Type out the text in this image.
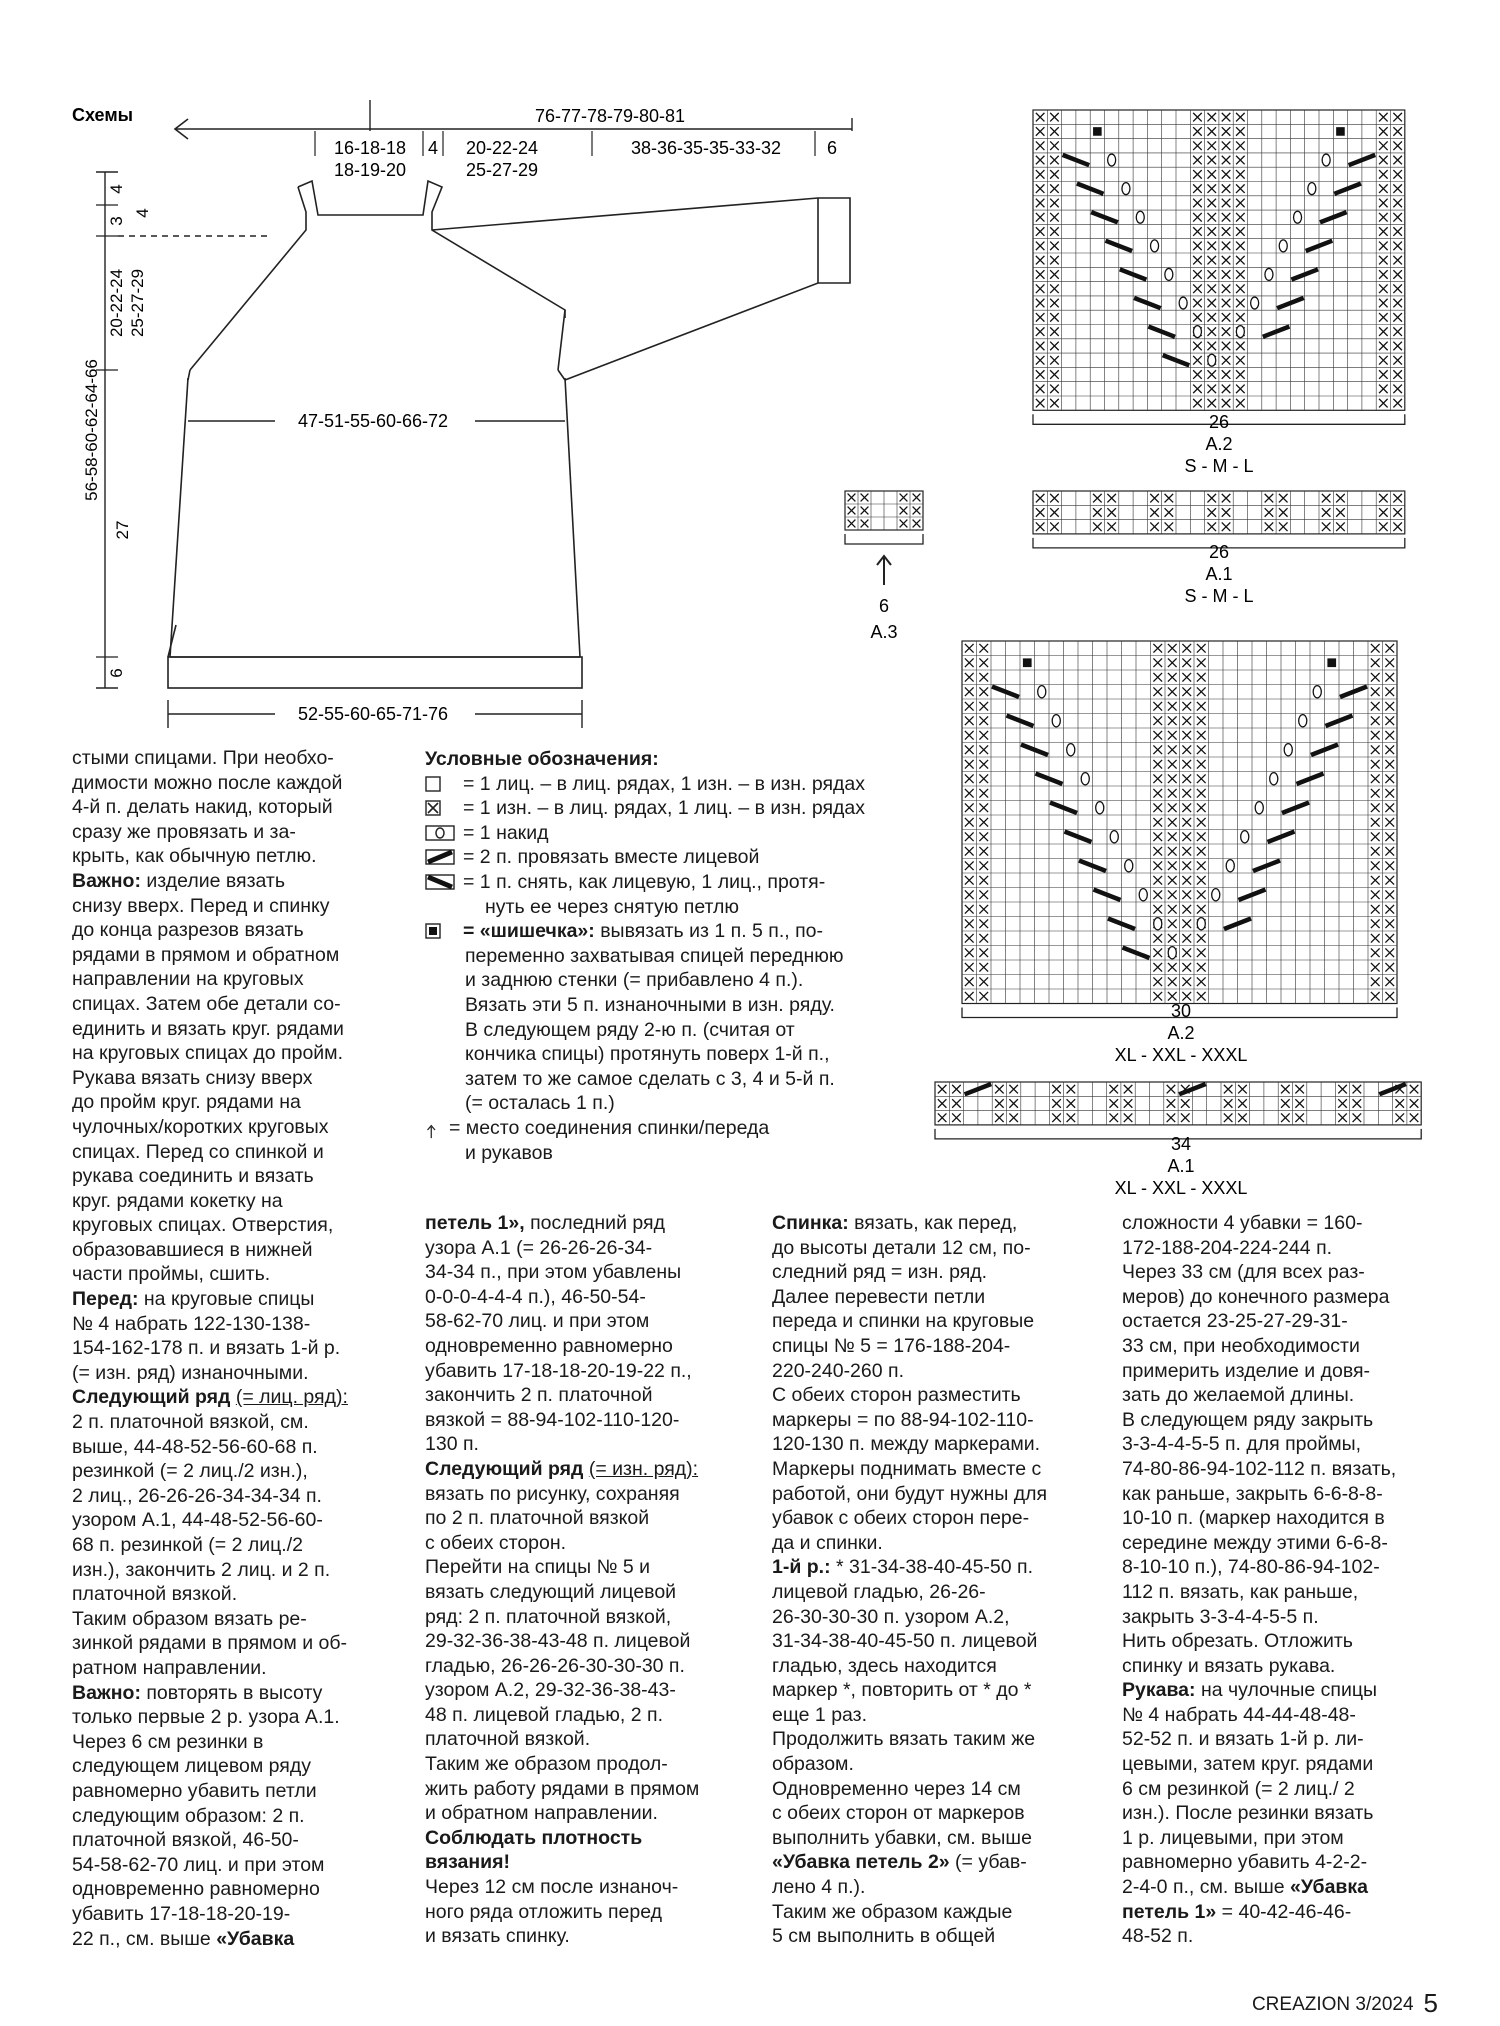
Схемы	76-77-78-79-80-81
16-18-18
18-19-20
4 20-22-24
25-27-29
38-36-35-35-33-32	6
4
3
4
20-22-24 25-27-29
56-58-60-62-64-66
27
6
47-51-55-60-66-72
52-55-60-65-71-76
26
A.2
S - M - L
26
A.1
S - M - L
6
A.3
30
A.2
XL - XXL - XXXL
34
A.1
XL - XXL - XXXL
Условные обозначения:
= 1 лиц. – в лиц. рядах, 1 изн. – в изн. рядах
= 1 изн. – в лиц. рядах, 1 лиц. – в изн. рядах
= 1 накид
= 2 п. провязать вместе лицевой
= 1 п. снять, как лицевую, 1 лиц., протя-
нуть ее через снятую петлю
= «шишечка»: вывязать из 1 п. 5 п., по-
переменно захватывая спицей переднюю
и заднюю стенки (= прибавлено 4 п.).
Вязать эти 5 п. изнаночными в изн. ряду.
В следующем ряду 2-ю п. (считая от
кончика спицы) протянуть поверх 1-й п.,
затем то же самое сделать с 3, 4 и 5-й п.
(= осталась 1 п.)
= место соединения спинки/переда
и рукавов

стыми спицами. При необхо-

димости можно после каждой

4-й п. делать накид, который

сразу же провязать и за-

крыть, как обычную петлю.

Важно: изделие вязать

снизу вверх. Перед и спинку

до конца разрезов вязать

рядами в прямом и обратном

направлении на круговых

спицах. Затем обе детали со-

единить и вязать круг. рядами

на круговых спицах до пройм.

Рукава вязать снизу вверх

до пройм круг. рядами на

чулочных/коротких круговых

спицах. Перед со спинкой и

рукава соединить и вязать

круг. рядами кокетку на

круговых спицах. Отверстия,

образовавшиеся в нижней

части проймы, сшить.

Перед: на круговые спицы

№ 4 набрать 122-130-138-

154-162-178 п. и вязать 1-й р.

(= изн. ряд) изнаночными.

Следующий ряд (= лиц. ряд):

2 п. платочной вязкой, см.

выше, 44-48-52-56-60-68 п.

резинкой (= 2 лиц./2 изн.),

2 лиц., 26-26-26-34-34-34 п.

узором А.1, 44-48-52-56-60-

68 п. резинкой (= 2 лиц./2

изн.), закончить 2 лиц. и 2 п.

платочной вязкой.

Таким образом вязать ре-

зинкой рядами в прямом и об-

ратном направлении.

Важно: повторять в высоту

только первые 2 р. узора А.1.

Через 6 см резинки в

следующем лицевом ряду

равномерно убавить петли

следующим образом: 2 п.

платочной вязкой, 46-50-

54-58-62-70 лиц. и при этом

одновременно равномерно

убавить 17-18-18-20-19-

22 п., см. выше «Убавка

петель 1», последний ряд

узора А.1 (= 26-26-26-34-

34-34 п., при этом убавлены

0-0-0-4-4-4 п.), 46-50-54-

58-62-70 лиц. и при этом

одновременно равномерно

убавить 17-18-18-20-19-22 п.,

закончить 2 п. платочной

вязкой = 88-94-102-110-120-

130 п.

Следующий ряд (= изн. ряд):

вязать по рисунку, сохраняя

по 2 п. платочной вязкой

с обеих сторон.

Перейти на спицы № 5 и

вязать следующий лицевой

ряд: 2 п. платочной вязкой,

29-32-36-38-43-48 п. лицевой

гладью, 26-26-26-30-30-30 п.

узором А.2, 29-32-36-38-43-

48 п. лицевой гладью, 2 п.

платочной вязкой.

Таким же образом продол-

жить работу рядами в прямом

и обратном направлении.

Соблюдать плотность

вязания!

Через 12 см после изнаноч-

ного ряда отложить перед

и вязать спинку.

Спинка: вязать, как перед,

до высоты детали 12 см, по-

следний ряд = изн. ряд.

Далее перевести петли

переда и спинки на круговые

спицы № 5 = 176-188-204-

220-240-260 п.

С обеих сторон разместить

маркеры = по 88-94-102-110-

120-130 п. между маркерами.

Маркеры поднимать вместе с

работой, они будут нужны для

убавок с обеих сторон пере-

да и спинки.

1-й р.: * 31-34-38-40-45-50 п.

лицевой гладью, 26-26-

26-30-30-30 п. узором А.2,

31-34-38-40-45-50 п. лицевой

гладью, здесь находится

маркер *, повторить от * до *

еще 1 раз.

Продолжить вязать таким же

образом.

Одновременно через 14 см

с обеих сторон от маркеров

выполнить убавки, см. выше

«Убавка петель 2» (= убав-

лено 4 п.).

Таким же образом каждые

5 см выполнить в общей

сложности 4 убавки = 160-

172-188-204-224-244 п.

Через 33 см (для всех раз-

меров) до конечного размера

остается 23-25-27-29-31-

33 см, при необходимости

примерить изделие и довя-

зать до желаемой длины.

В следующем ряду закрыть

3-3-4-4-5-5 п. для проймы,

74-80-86-94-102-112 п. вязать,

как раньше, закрыть 6-6-8-8-

10-10 п. (маркер находится в

середине между этими 6-6-8-

8-10-10 п.), 74-80-86-94-102-

112 п. вязать, как раньше,

закрыть 3-3-4-4-5-5 п.

Нить обрезать. Отложить

спинку и вязать рукава.

Рукава: на чулочные спицы

№ 4 набрать 44-44-48-48-

52-52 п. и вязать 1-й р. ли-

цевыми, затем круг. рядами

6 см резинкой (= 2 лиц./ 2

изн.). После резинки вязать

1 р. лицевыми, при этом

равномерно убавить 4-2-2-

2-4-0 п., см. выше «Убавка

петель 1» = 40-42-46-46-

48-52 п.

CREAZION 3/2024 5
